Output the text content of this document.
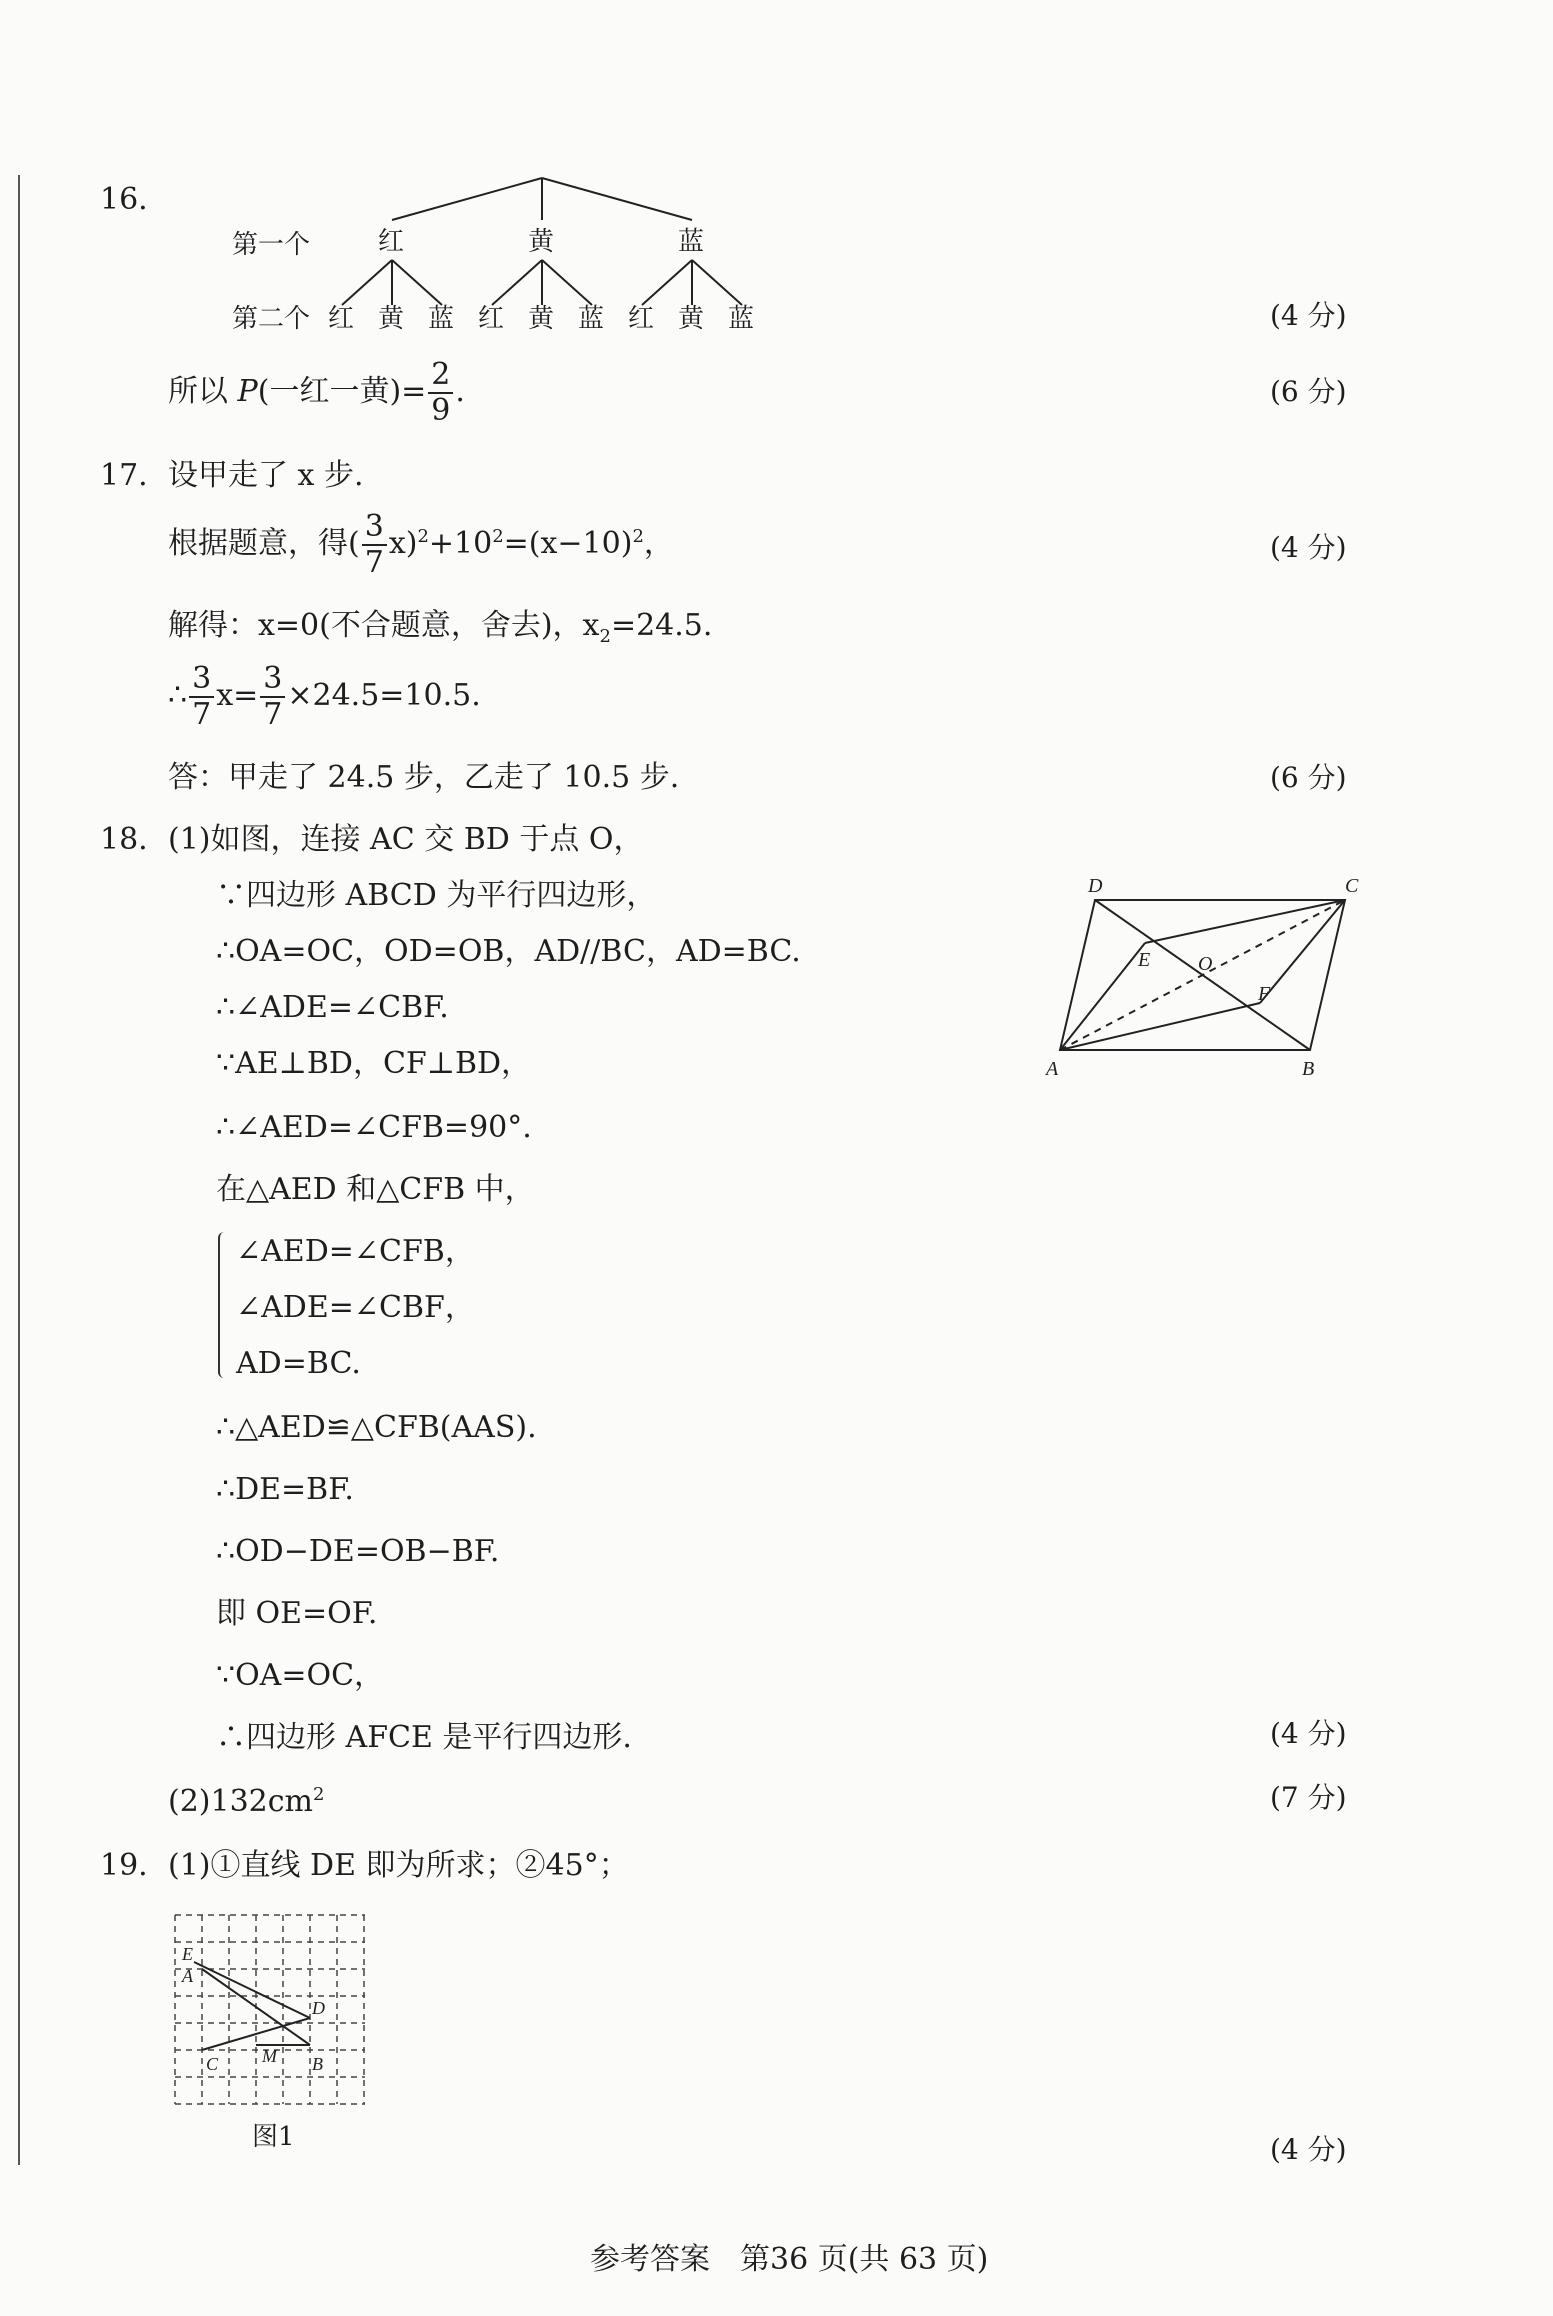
16.
第一个	红	黄	蓝
第二个 红 黄 蓝 红 黄 蓝 红 黄 蓝	(4 分)
所以 P(一红一黄)= $\frac{2}{9}$ .	(6 分)
17. 设甲走了 x 步.
根据题意，得( $\frac{3}{7} x)^2+10^2=(x-10)^2$，	(4 分)
解得：x=0(不合题意，舍去)，$x_2=24.5$.
∴ $\frac{3}{7} x= \frac{3}{7} \times 24.5=10.5$.
答：甲走了 24.5 步，乙走了 10.5 步.	(6 分)
18. (1)如图，连接 AC 交 BD 于点 O，
∵四边形 ABCD 为平行四边形，
∴OA=OC，OD=OB，AD//BC，AD=BC.
∴∠ADE=∠CBF.
∵AE⊥BD，CF⊥BD，
∴∠AED=∠CFB=90°.
在△AED 和△CFB 中，
∠AED=∠CFB，
∠ADE=∠CBF，
AD=BC.
∴△AED≌△CFB(AAS).
∴DE=BF.
∴OD−DE=OB−BF.
即 OE=OF.
∵OA=OC，
∴四边形 AFCE 是平行四边形.	(4 分)
$(2)132cm^2$	(7 分)
A	B
C
D
E
F
O
19. (1)①直线 DE 即为所求；②45°；
E
A
D
C M B
图1	(4 分)
参考答案　第36 页(共 63 页)
